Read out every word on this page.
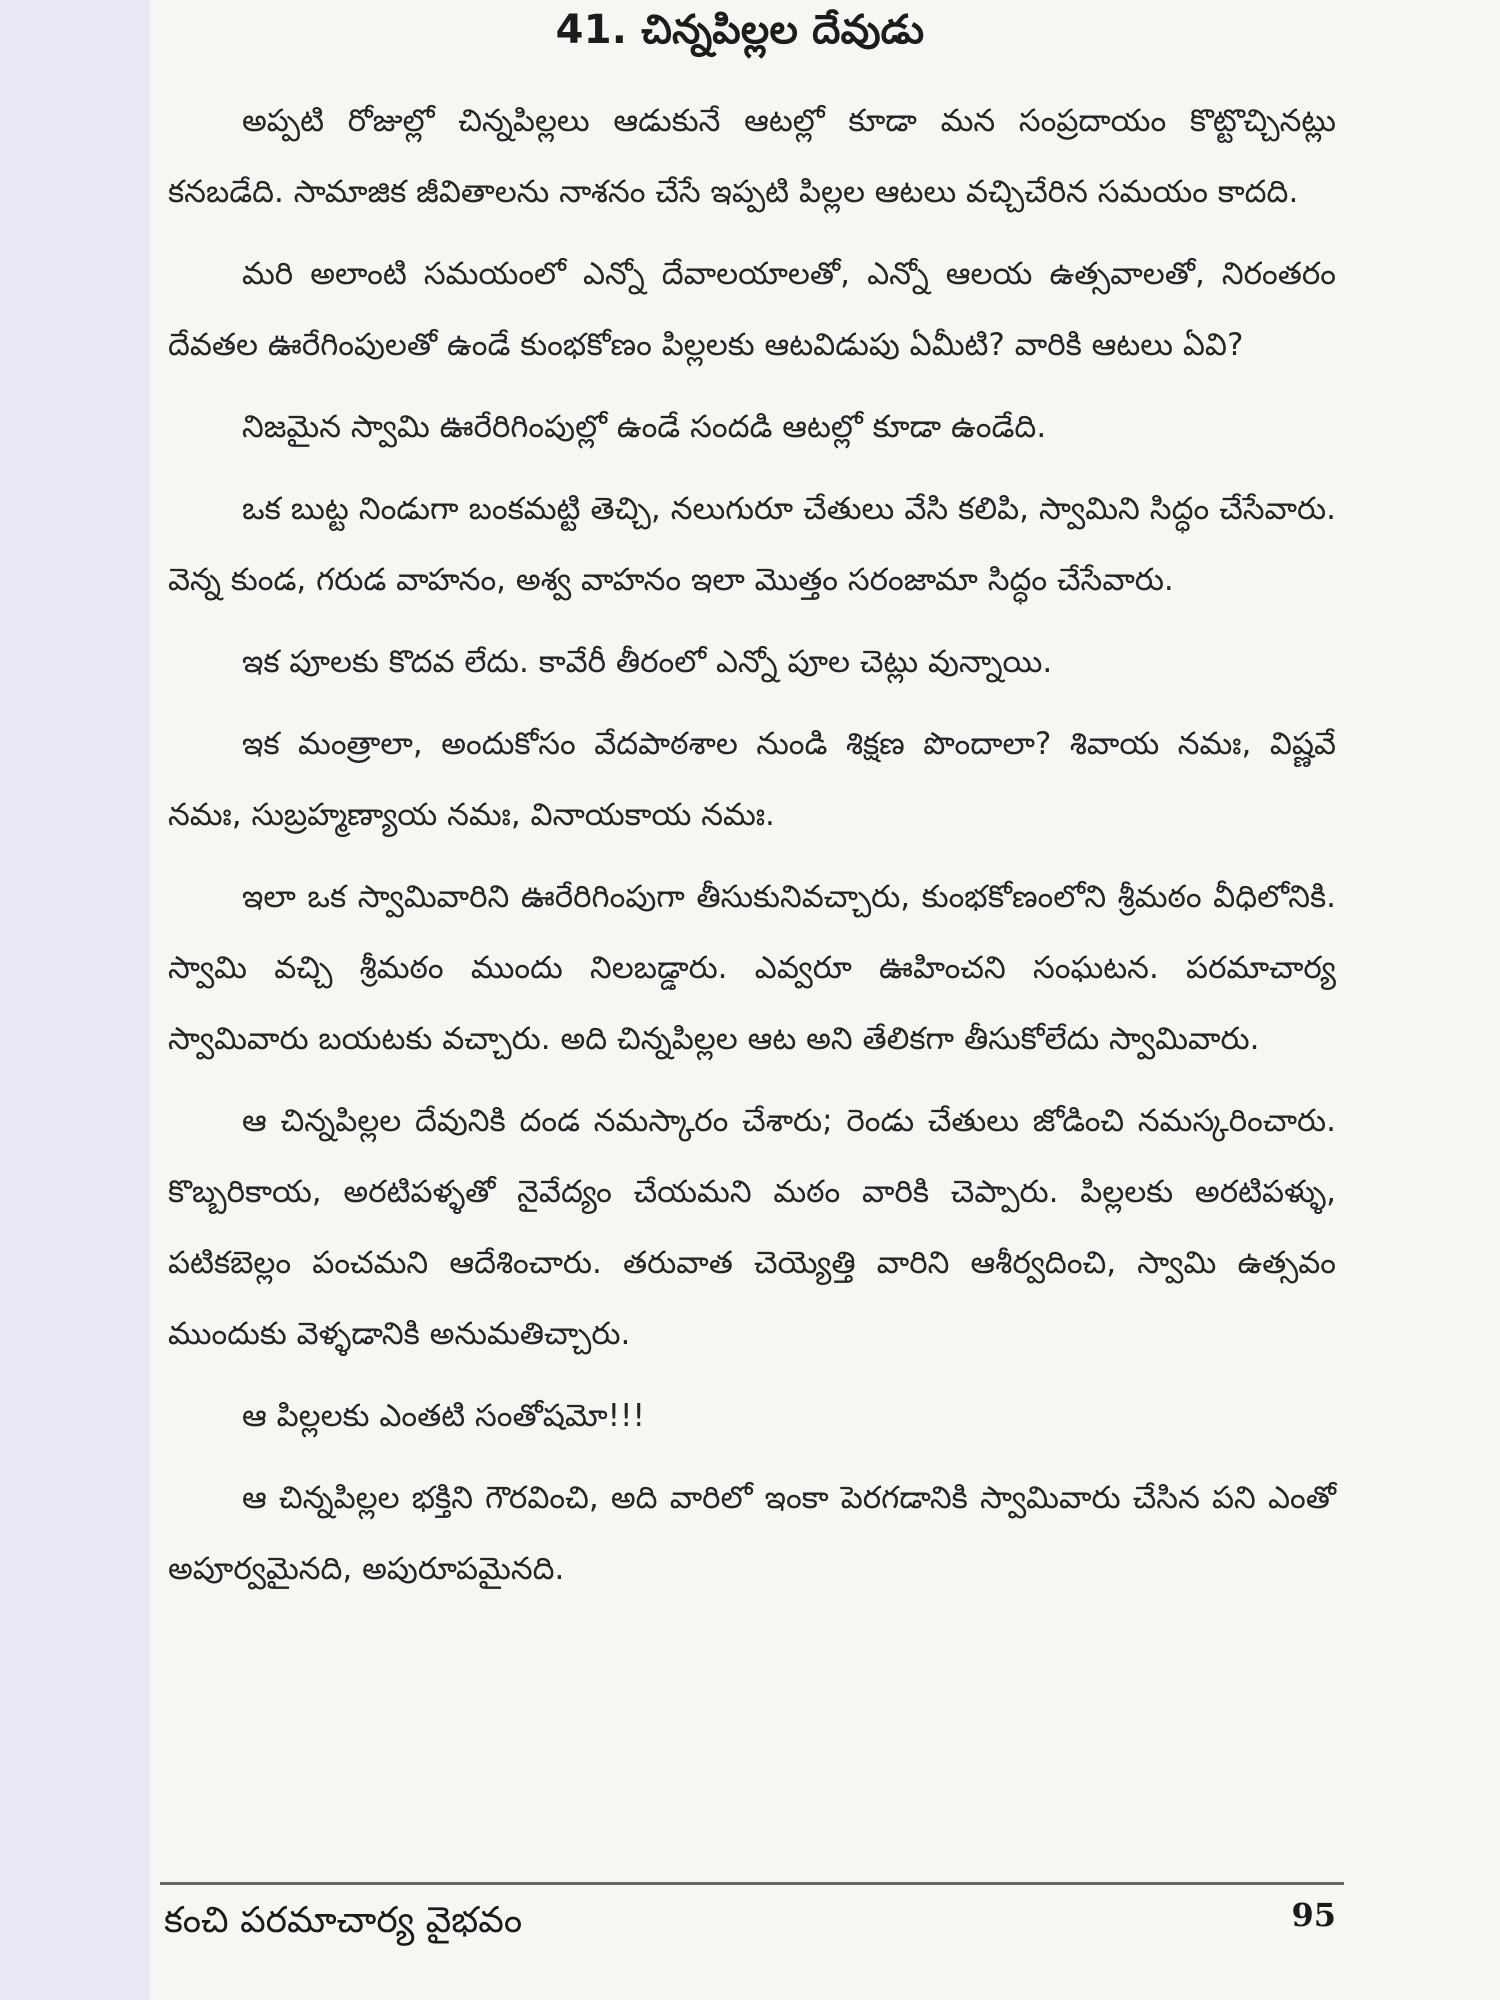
41. చిన్నపిల్లల దేవుడు

అప్పటి రోజుల్లో చిన్నపిల్లలు ఆడుకునే ఆటల్లో కూడా మన సంప్రదాయం కొట్టొచ్చినట్లు కనబడేది. సామాజిక జీవితాలను నాశనం చేసే ఇప్పటి పిల్లల ఆటలు వచ్చిచేరిన సమయం కాదది.

మరి అలాంటి సమయంలో ఎన్నో దేవాలయాలతో, ఎన్నో ఆలయ ఉత్సవాలతో, నిరంతరం దేవతల ఊరేగింపులతో ఉండే కుంభకోణం పిల్లలకు ఆటవిడుపు ఏమీటి? వారికి ఆటలు ఏవి?

నిజమైన స్వామి ఊరేరిగింపుల్లో ఉండే సందడి ఆటల్లో కూడా ఉండేది.

ఒక బుట్ట నిండుగా బంకమట్టి తెచ్చి, నలుగురూ చేతులు వేసి కలిపి, స్వామిని సిద్ధం చేసేవారు. వెన్న కుండ, గరుడ వాహనం, అశ్వ వాహనం ఇలా మొత్తం సరంజామా సిద్ధం చేసేవారు.

ఇక పూలకు కొదవ లేదు. కావేరీ తీరంలో ఎన్నో పూల చెట్లు వున్నాయి.

ఇక మంత్రాలా, అందుకోసం వేదపాఠశాల నుండి శిక్షణ పొందాలా? శివాయ నమః, విష్ణవే నమః, సుబ్రహ్మణ్యాయ నమః, వినాయకాయ నమః.

ఇలా ఒక స్వామివారిని ఊరేరిగింపుగా తీసుకునివచ్చారు, కుంభకోణంలోని శ్రీమఠం వీధిలోనికి. స్వామి వచ్చి శ్రీమఠం ముందు నిలబడ్డారు. ఎవ్వరూ ఊహించని సంఘటన. పరమాచార్య స్వామివారు బయటకు వచ్చారు. అది చిన్నపిల్లల ఆట అని తేలికగా తీసుకోలేదు స్వామివారు.

ఆ చిన్నపిల్లల దేవునికి దండ నమస్కారం చేశారు; రెండు చేతులు జోడించి నమస్కరించారు. కొబ్బరికాయ, అరటిపళ్ళతో నైవేద్యం చేయమని మఠం వారికి చెప్పారు. పిల్లలకు అరటిపళ్ళు, పటికబెల్లం పంచమని ఆదేశించారు. తరువాత చెయ్యెత్తి వారిని ఆశీర్వదించి, స్వామి ఉత్సవం ముందుకు వెళ్ళడానికి అనుమతిచ్చారు.

ఆ పిల్లలకు ఎంతటి సంతోషమో!!!

ఆ చిన్నపిల్లల భక్తిని గౌరవించి, అది వారిలో ఇంకా పెరగడానికి స్వామివారు చేసిన పని ఎంతో అపూర్వమైనది, అపురూపమైనది.

కంచి పరమాచార్య వైభవం	95
